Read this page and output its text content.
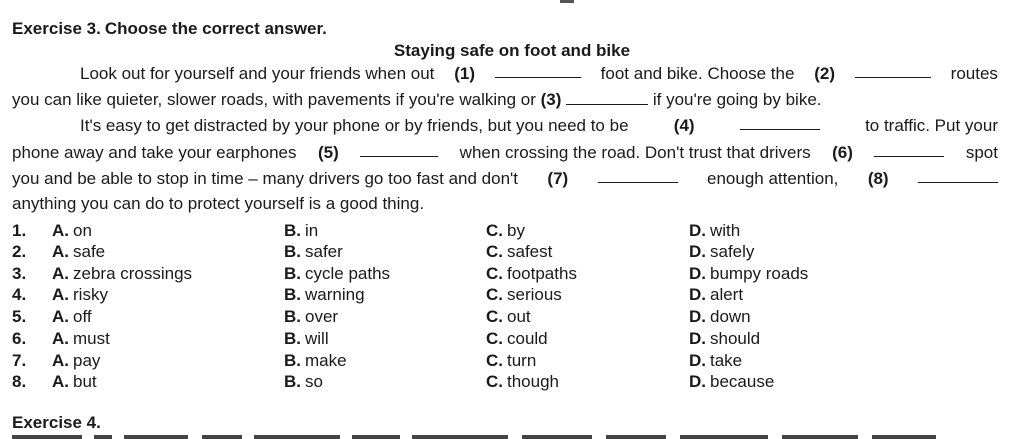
Exercise 3. Choose the correct answer.
Staying safe on foot and bike
Look out for yourself and your friends when out (1)	foot and bike. Choose the (2)	routes
you can like quieter, slower roads, with pavements if you're walking or (3)	if you're going by bike.
It's easy to get distracted by your phone or by friends, but you need to be	(4)	to traffic. Put your
phone away and take your earphones (5)	when crossing the road. Don't trust that drivers (6)	spot
you and be able to stop in time – many drivers go too fast and don't (7)	enough attention, (8)
anything you can do to protect yourself is a good thing.
1. A. on	B. in	C. by	D. with
2. A. safe	B. safer	C. safest	D. safely
3. A. zebra crossings	B. cycle paths	C. footpaths	D. bumpy roads
4. A. risky	B. warning	C. serious	D. alert
5. A. off	B. over	C. out	D. down
6. A. must	B. will	C. could	D. should
7. A. pay	B. make	C. turn	D. take
8. A. but	B. so	C. though	D. because
Exercise 4.
